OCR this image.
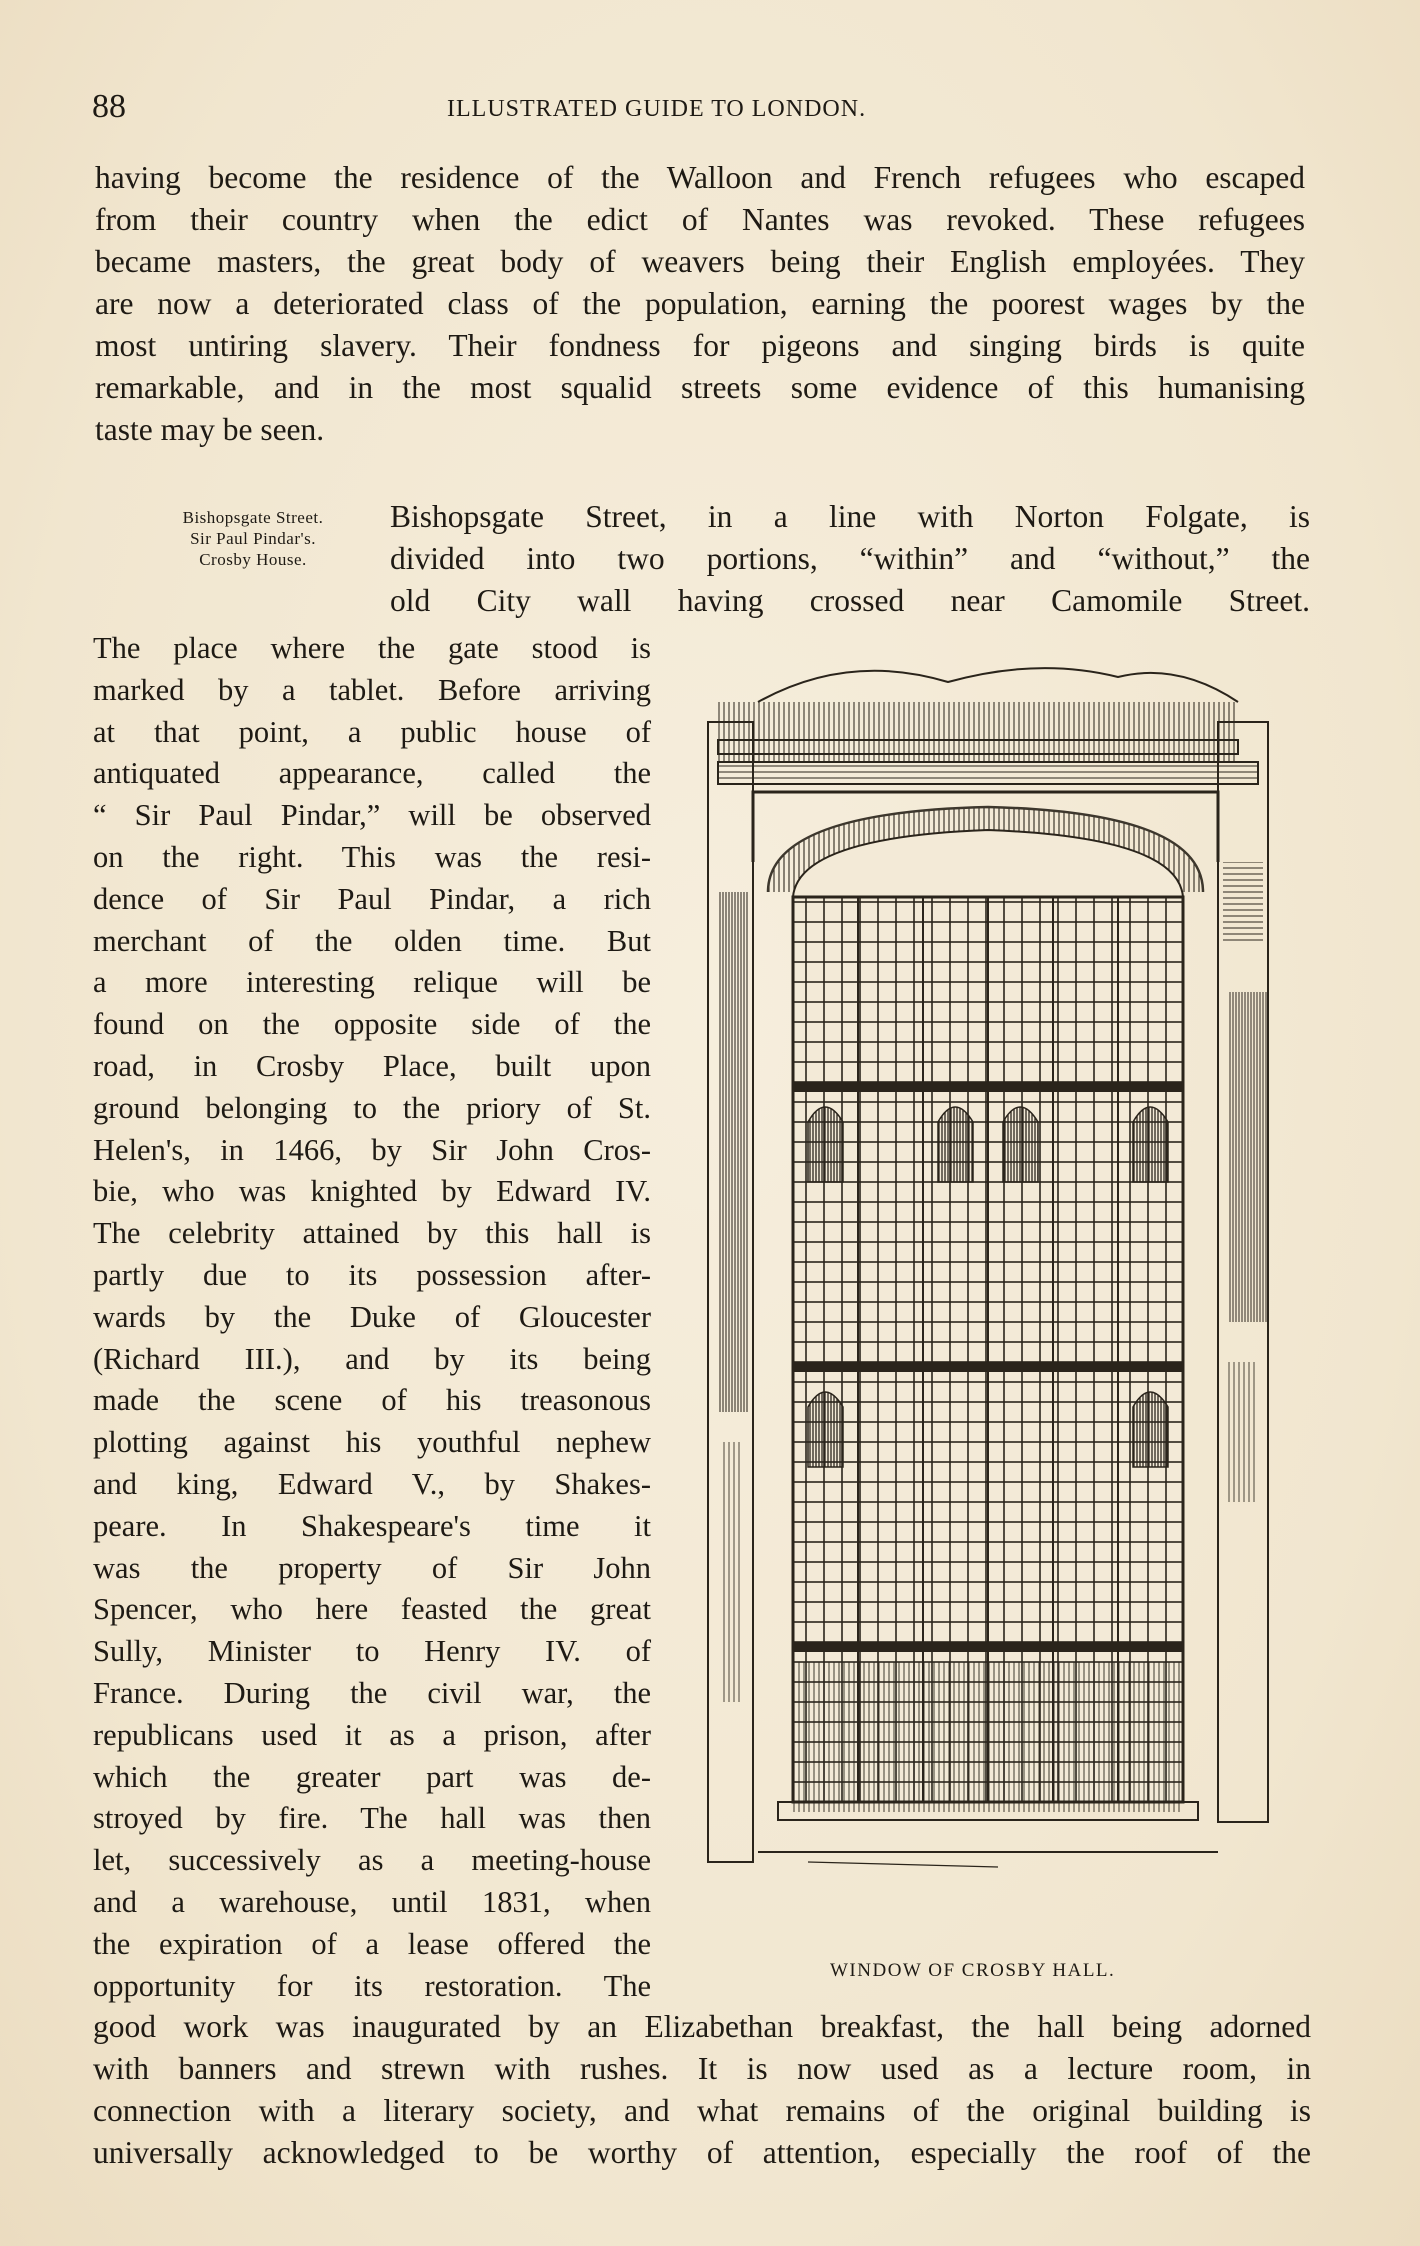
88	ILLUSTRATED GUIDE TO LONDON.
having become the residence of the Walloon and French refugees who escaped
from their country when the edict of Nantes was revoked. These refugees
became masters, the great body of weavers being their English employées. They
are now a deteriorated class of the population, earning the poorest wages by the
most untiring slavery. Their fondness for pigeons and singing birds is quite
remarkable, and in the most squalid streets some evidence of this humanising
taste may be seen.
Bishopsgate Street.
Sir Paul Pindar's.
Crosby House.
Bishopsgate Street, in a line with Norton Folgate, is
divided into two portions, “within” and “without,” the
old City wall having crossed near Camomile Street.
The place where the gate stood is
marked by a tablet. Before arriving
at that point, a public house of
antiquated appearance, called the
“ Sir Paul Pindar,” will be observed
on the right. This was the resi-
dence of Sir Paul Pindar, a rich
merchant of the olden time. But
a more interesting relique will be
found on the opposite side of the
road, in Crosby Place, built upon
ground belonging to the priory of St.
Helen's, in 1466, by Sir John Cros-
bie, who was knighted by Edward IV.
The celebrity attained by this hall is
partly due to its possession after-
wards by the Duke of Gloucester
(Richard III.), and by its being
made the scene of his treasonous
plotting against his youthful nephew
and king, Edward V., by Shakes-
peare. In Shakespeare's time it
was the property of Sir John
Spencer, who here feasted the great
Sully, Minister to Henry IV. of
France. During the civil war, the
republicans used it as a prison, after
which the greater part was de-
stroyed by fire. The hall was then
let, successively as a meeting-house
and a warehouse, until 1831, when
the expiration of a lease offered the
opportunity for its restoration. The	WINDOW OF CROSBY HALL.
good work was inaugurated by an Elizabethan breakfast, the hall being adorned
with banners and strewn with rushes. It is now used as a lecture room, in
connection with a literary society, and what remains of the original building is
universally acknowledged to be worthy of attention, especially the roof of the
